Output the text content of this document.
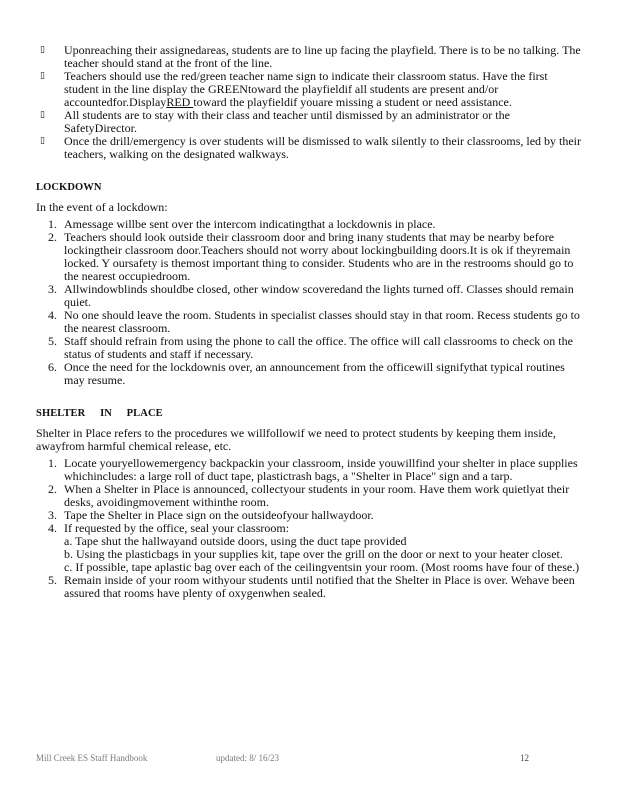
▯ Uponreaching their assignedareas, students are to line up facing the playfield. There is to be no talking. The teacher should stand at the front of the line.
▯ Teachers should use the red/green teacher name sign to indicate their classroom status. Have the first student in the line display the GREENtoward the playfieldif all students are present and/or accountedfor.DisplayRED toward the playfieldif youare missing a student or need assistance.
▯ All students are to stay with their class and teacher until dismissed by an administrator or the SafetyDirector.
▯ Once the drill/emergency is over students will be dismissed to walk silently to their classrooms, led by their teachers, walking on the designated walkways.
LOCKDOWN

In the event of a lockdown:

1. Amessage willbe sent over the intercom indicatingthat a lockdownis in place.
2. Teachers should look outside their classroom door and bring inany students that may be nearby before lockingtheir classroom door.Teachers should not worry about lockingbuilding doors.It is ok if theyremain locked. Y oursafety is themost important thing to consider. Students who are in the restrooms should go to the nearest occupiedroom.
3. Allwindowblinds shouldbe closed, other window scoveredand the lights turned off. Classes should remain quiet.
4. No one should leave the room. Students in specialist classes should stay in that room. Recess students go to the nearest classroom.
5. Staff should refrain from using the phone to call the office. The office will call classrooms to check on the status of students and staff if necessary.
6. Once the need for the lockdownis over, an announcement from the officewill signifythat typical routines may resume.
SHELTER IN PLACE

Shelter in Place refers to the procedures we willfollowif we need to protect students by keeping them inside, awayfrom harmful chemical release, etc.

1. Locate youryellowemergency backpackin your classroom, inside youwillfind your shelter in place supplies whichincludes: a large roll of duct tape, plastictrash bags, a "Shelter in Place" sign and a tarp.
2. When a Shelter in Place is announced, collectyour students in your room. Have them work quietlyat their desks, avoidingmovement withinthe room.
3. Tape the Shelter in Place sign on the outsideofyour hallwaydoor.
4. If requested by the office, seal your classroom:
a. Tape shut the hallwayand outside doors, using the duct tape provided
b. Using the plasticbags in your supplies kit, tape over the grill on the door or next to your heater closet.
c. If possible, tape aplastic bag over each of the ceilingventsin your room. (Most rooms have four of these.)
5. Remain inside of your room withyour students until notified that the Shelter in Place is over. Wehave been assured that rooms have plenty of oxygenwhen sealed.
Mill Creek ES Staff Handbook	updated: 8/ 16/23	12
